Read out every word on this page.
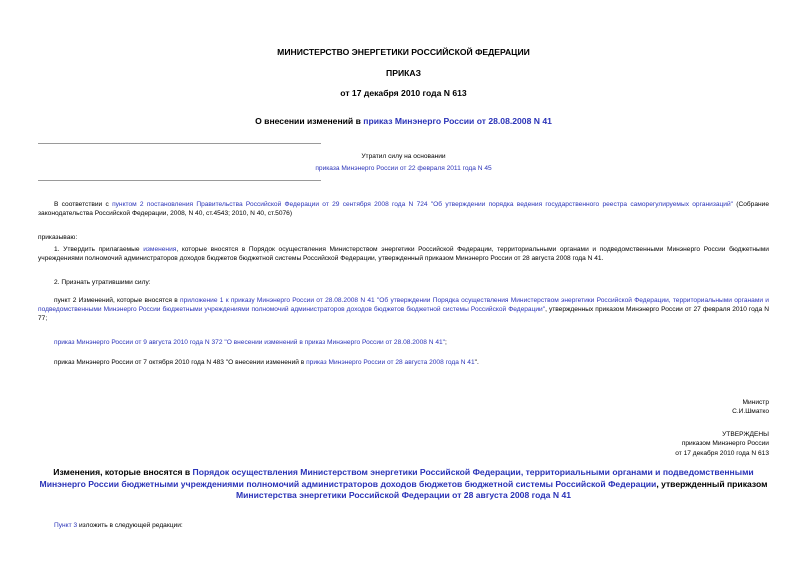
МИНИСТЕРСТВО ЭНЕРГЕТИКИ РОССИЙСКОЙ ФЕДЕРАЦИИ
ПРИКАЗ
от 17 декабря 2010 года N 613
О внесении изменений в приказ Минэнерго России от 28.08.2008 N 41
Утратил силу на основании
приказа Минэнерго России от 22 февраля 2011 года N 45
В соответствии с пунктом 2 постановления Правительства Российской Федерации от 29 сентября 2008 года N 724 "Об утверждении порядка ведения государственного реестра саморегулируемых организаций" (Собрание законодательства Российской Федерации, 2008, N 40, ст.4543; 2010, N 40, ст.5076)
приказываю:
1. Утвердить прилагаемые изменения, которые вносятся в Порядок осуществления Министерством энергетики Российской Федерации, территориальными органами и подведомственными Минэнерго России бюджетными учреждениями полномочий администраторов доходов бюджетов бюджетной системы Российской Федерации, утвержденный приказом Минэнерго России от 28 августа 2008 года N 41.
2. Признать утратившими силу:
пункт 2 Изменений, которые вносятся в приложение 1 к приказу Минэнерго России от 28.08.2008 N 41 "Об утверждении Порядка осуществления Министерством энергетики Российской Федерации, территориальными органами и подведомственными Минэнерго России бюджетными учреждениями полномочий администраторов доходов бюджетов бюджетной системы Российской Федерации", утвержденных приказом Минэнерго России от 27 февраля 2010 года N 77;
приказ Минэнерго России от 9 августа 2010 года N 372 "О внесении изменений в приказ Минэнерго России от 28.08.2008 N 41";
приказ Минэнерго России от 7 октября 2010 года N 483 "О внесении изменений в приказ Минэнерго России от 28 августа 2008 года N 41".
Министр
С.И.Шматко
УТВЕРЖДЕНЫ
приказом Минэнерго России
от 17 декабря 2010 года N 613
Изменения, которые вносятся в Порядок осуществления Министерством энергетики Российской Федерации, территориальными органами и подведомственными Минэнерго России бюджетными учреждениями полномочий администраторов доходов бюджетов бюджетной системы Российской Федерации, утвержденный приказом Министерства энергетики Российской Федерации от 28 августа 2008 года N 41
Пункт 3 изложить в следующей редакции:
